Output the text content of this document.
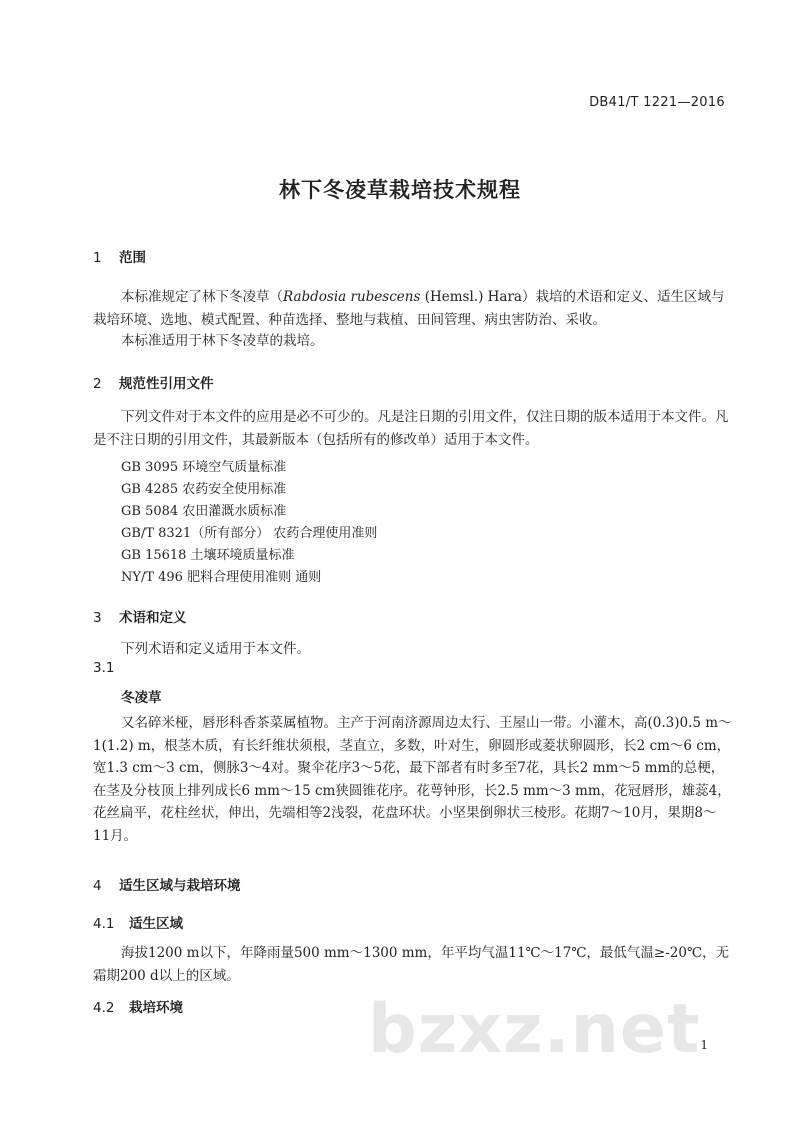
DB41/T 1221—2016
林下冬凌草栽培技术规程
1 范围
本标准规定了林下冬凌草（Rabdosia rubescens (Hemsl.) Hara）栽培的术语和定义、适生区域与栽培环境、选地、模式配置、种苗选择、整地与栽植、田间管理、病虫害防治、采收。
本标准适用于林下冬凌草的栽培。
2 规范性引用文件
下列文件对于本文件的应用是必不可少的。凡是注日期的引用文件，仅注日期的版本适用于本文件。凡是不注日期的引用文件，其最新版本（包括所有的修改单）适用于本文件。
GB 3095 环境空气质量标准
GB 4285 农药安全使用标准
GB 5084 农田灌溉水质标准
GB/T 8321（所有部分） 农药合理使用准则
GB 15618 土壤环境质量标准
NY/T 496 肥料合理使用准则 通则
3 术语和定义
下列术语和定义适用于本文件。
3.1
冬凌草
又名碎米桠，唇形科香茶菜属植物。主产于河南济源周边太行、王屋山一带。小灌木，高(0.3)0.5 m～1(1.2) m，根茎木质，有长纤维状须根，茎直立，多数，叶对生，卵圆形或菱状卵圆形，长2 cm～6 cm，宽1.3 cm～3 cm，侧脉3～4对。聚伞花序3～5花，最下部者有时多至7花，具长2 mm～5 mm的总梗，在茎及分枝顶上排列成长6 mm～15 cm狭圆锥花序。花萼钟形，长2.5 mm～3 mm，花冠唇形，雄蕊4，花丝扁平，花柱丝状，伸出，先端相等2浅裂，花盘环状。小坚果倒卵状三棱形。花期7～10月，果期8～11月。
4 适生区域与栽培环境
4.1 适生区域
海拔1200 m以下，年降雨量500 mm～1300 mm，年平均气温11℃～17℃，最低气温≥-20℃，无霜期200 d以上的区域。
4.2 栽培环境	bzxz.net 1
